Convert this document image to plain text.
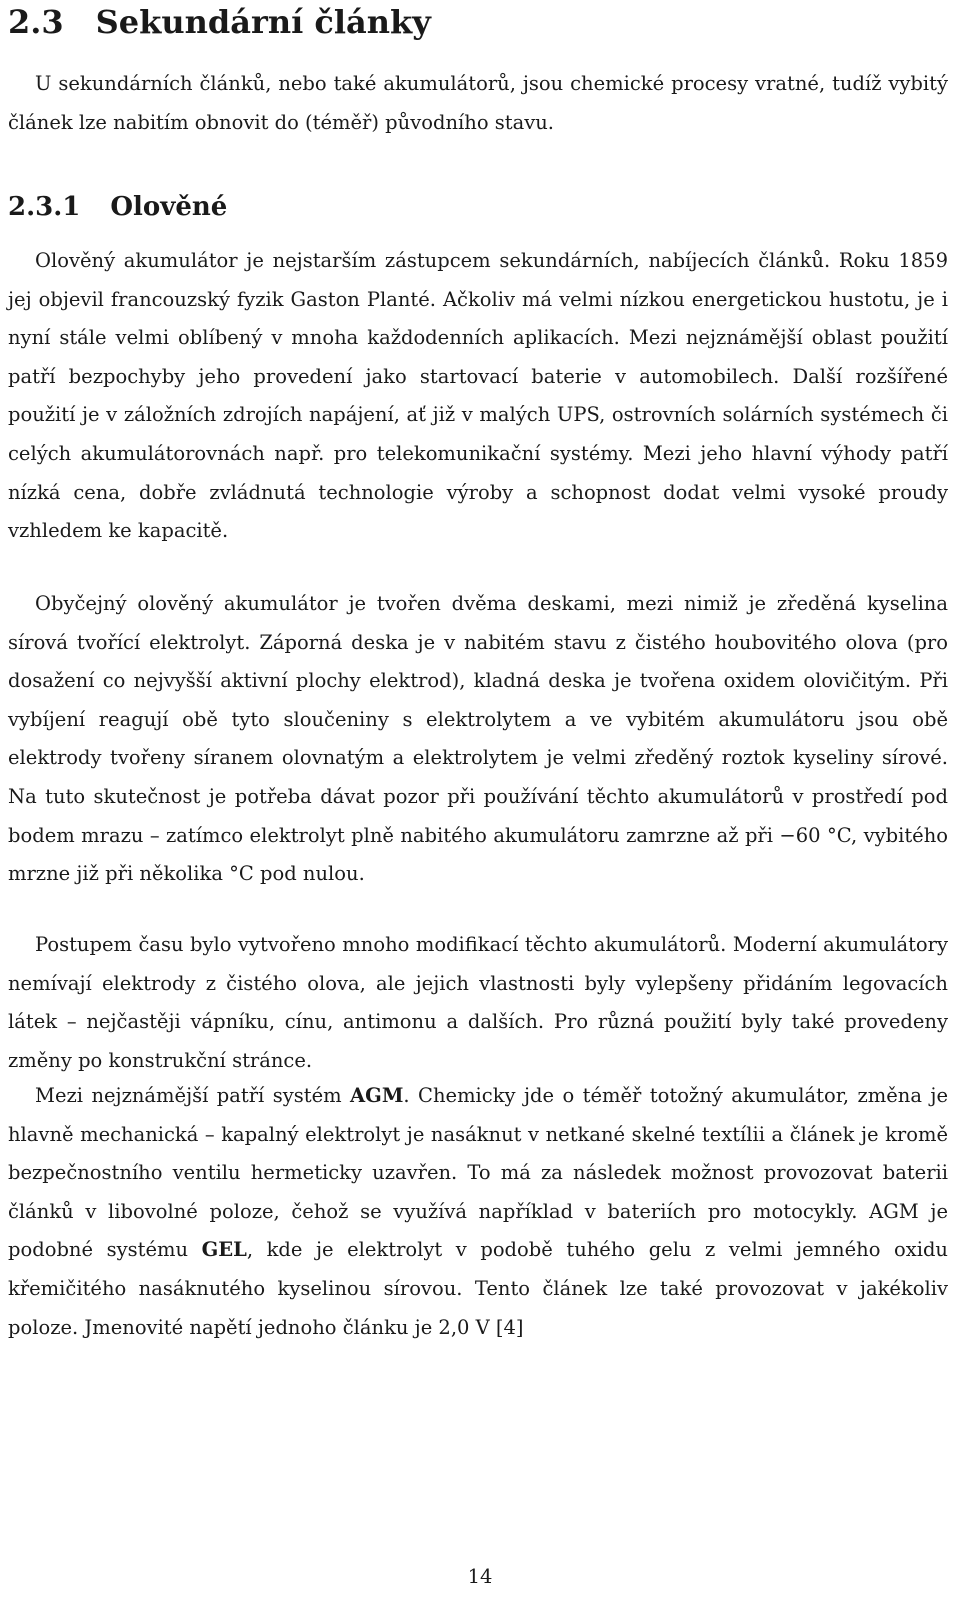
2.3 Sekundární články

U sekundárních článků, nebo také akumulátorů, jsou chemické procesy vratné, tudíž vybitý článek lze nabitím obnovit do (téměř) původního stavu.

2.3.1 Olověné

Olověný akumulátor je nejstarším zástupcem sekundárních, nabíjecích článků. Roku 1859 jej objevil francouzský fyzik Gaston Planté. Ačkoliv má velmi nízkou energetickou hustotu, je i nyní stále velmi oblíbený v mnoha každodenních aplikacích. Mezi nejznámější oblast použití patří bezpochyby jeho provedení jako startovací baterie v automobilech. Další rozšířené použití je v záložních zdrojích napájení, ať již v malých UPS, ostrovních solárních systémech či celých akumulátorovnách např. pro telekomunikační systémy. Mezi jeho hlavní výhody patří nízká cena, dobře zvládnutá technologie výroby a schopnost dodat velmi vysoké proudy vzhledem ke kapacitě.

Obyčejný olověný akumulátor je tvořen dvěma deskami, mezi nimiž je zředěná kyselina sírová tvořící elektrolyt. Záporná deska je v nabitém stavu z čistého houbovitého olova (pro dosažení co nejvyšší aktivní plochy elektrod), kladná deska je tvořena oxidem olovičitým. Při vybíjení reagují obě tyto sloučeniny s elektrolytem a ve vybitém akumulátoru jsou obě elektrody tvořeny síranem olovnatým a elektrolytem je velmi zředěný roztok kyseliny sírové. Na tuto skutečnost je potřeba dávat pozor při používání těchto akumulátorů v prostředí pod bodem mrazu – zatímco elektrolyt plně nabitého akumulátoru zamrzne až při −60 °C, vybitého mrzne již při několika °C pod nulou.

Postupem času bylo vytvořeno mnoho modifikací těchto akumulátorů. Moderní akumulátory nemívají elektrody z čistého olova, ale jejich vlastnosti byly vylepšeny přidáním legovacích látek – nejčastěji vápníku, cínu, antimonu a dalších. Pro různá použití byly také provedeny změny po konstrukční stránce.

Mezi nejznámější patří systém AGM. Chemicky jde o téměř totožný akumulátor, změna je hlavně mechanická – kapalný elektrolyt je nasáknut v netkané skelné textílii a článek je kromě bezpečnostního ventilu hermeticky uzavřen. To má za následek možnost provozovat baterii článků v libovolné poloze, čehož se využívá například v bateriích pro motocykly. AGM je podobné systému GEL, kde je elektrolyt v podobě tuhého gelu z velmi jemného oxidu křemičitého nasáknutého kyselinou sírovou. Tento článek lze také provozovat v jakékoliv poloze. Jmenovité napětí jednoho článku je 2,0 V [4]

14
